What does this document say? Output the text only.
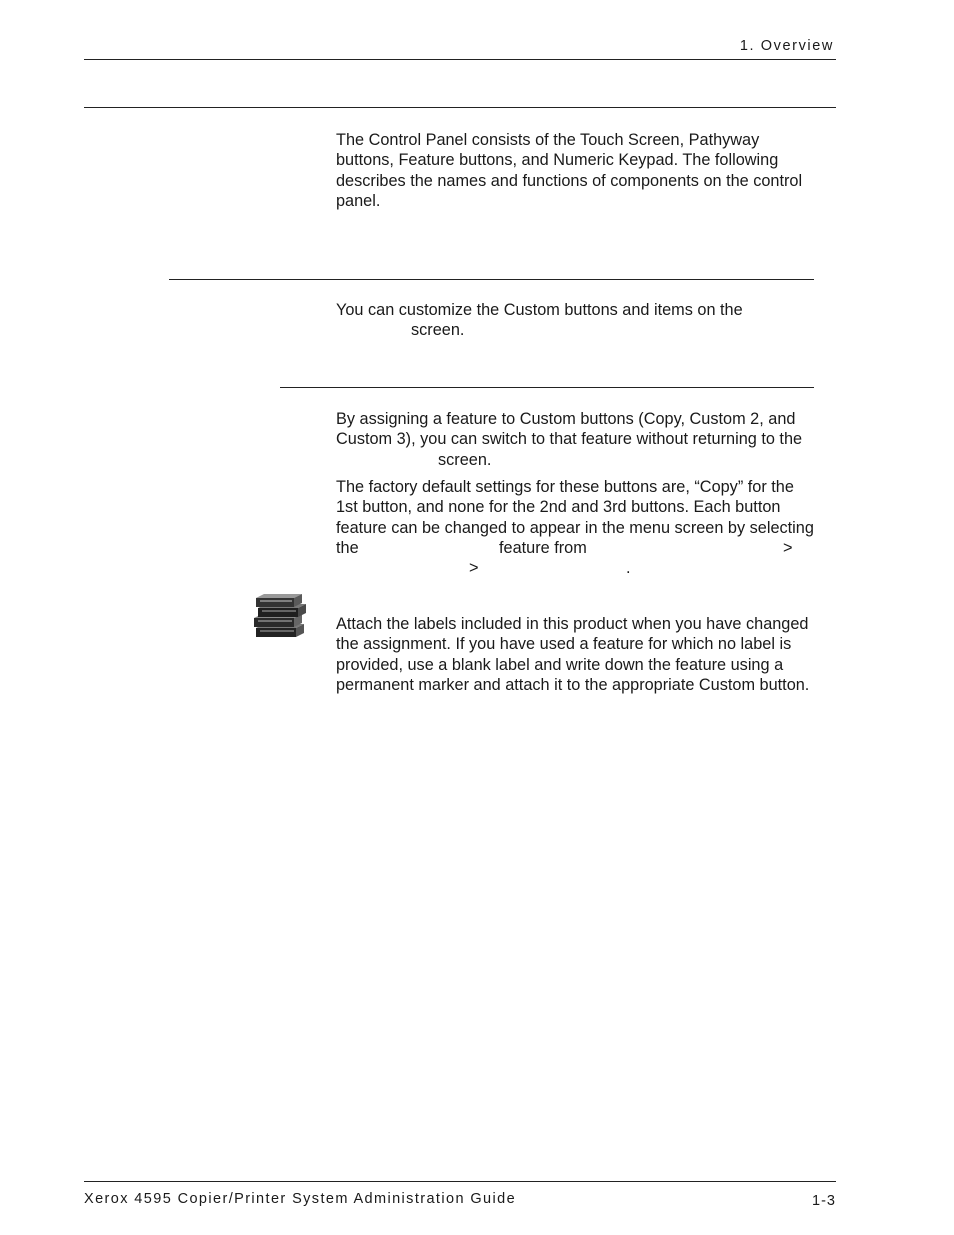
1. Overview

The Control Panel consists of the Touch Screen, Pathyway
buttons, Feature buttons, and Numeric Keypad. The following
describes the names and functions of components on the control
panel.

You can customize the Custom buttons and items on the
screen.

By assigning a feature to Custom buttons (Copy, Custom 2, and
Custom 3), you can switch to that feature without returning to the
screen.

The factory default settings for these buttons are, “Copy” for the
1st button, and none for the 2nd and 3rd buttons. Each button
feature can be changed to appear in the menu screen by selecting
the	feature from	>
>	.

Attach the labels included in this product when you have changed
the assignment. If you have used a feature for which no label is
provided, use a blank label and write down the feature using a
permanent marker and attach it to the appropriate Custom button.

Xerox 4595 Copier/Printer System Administration Guide	1-3
